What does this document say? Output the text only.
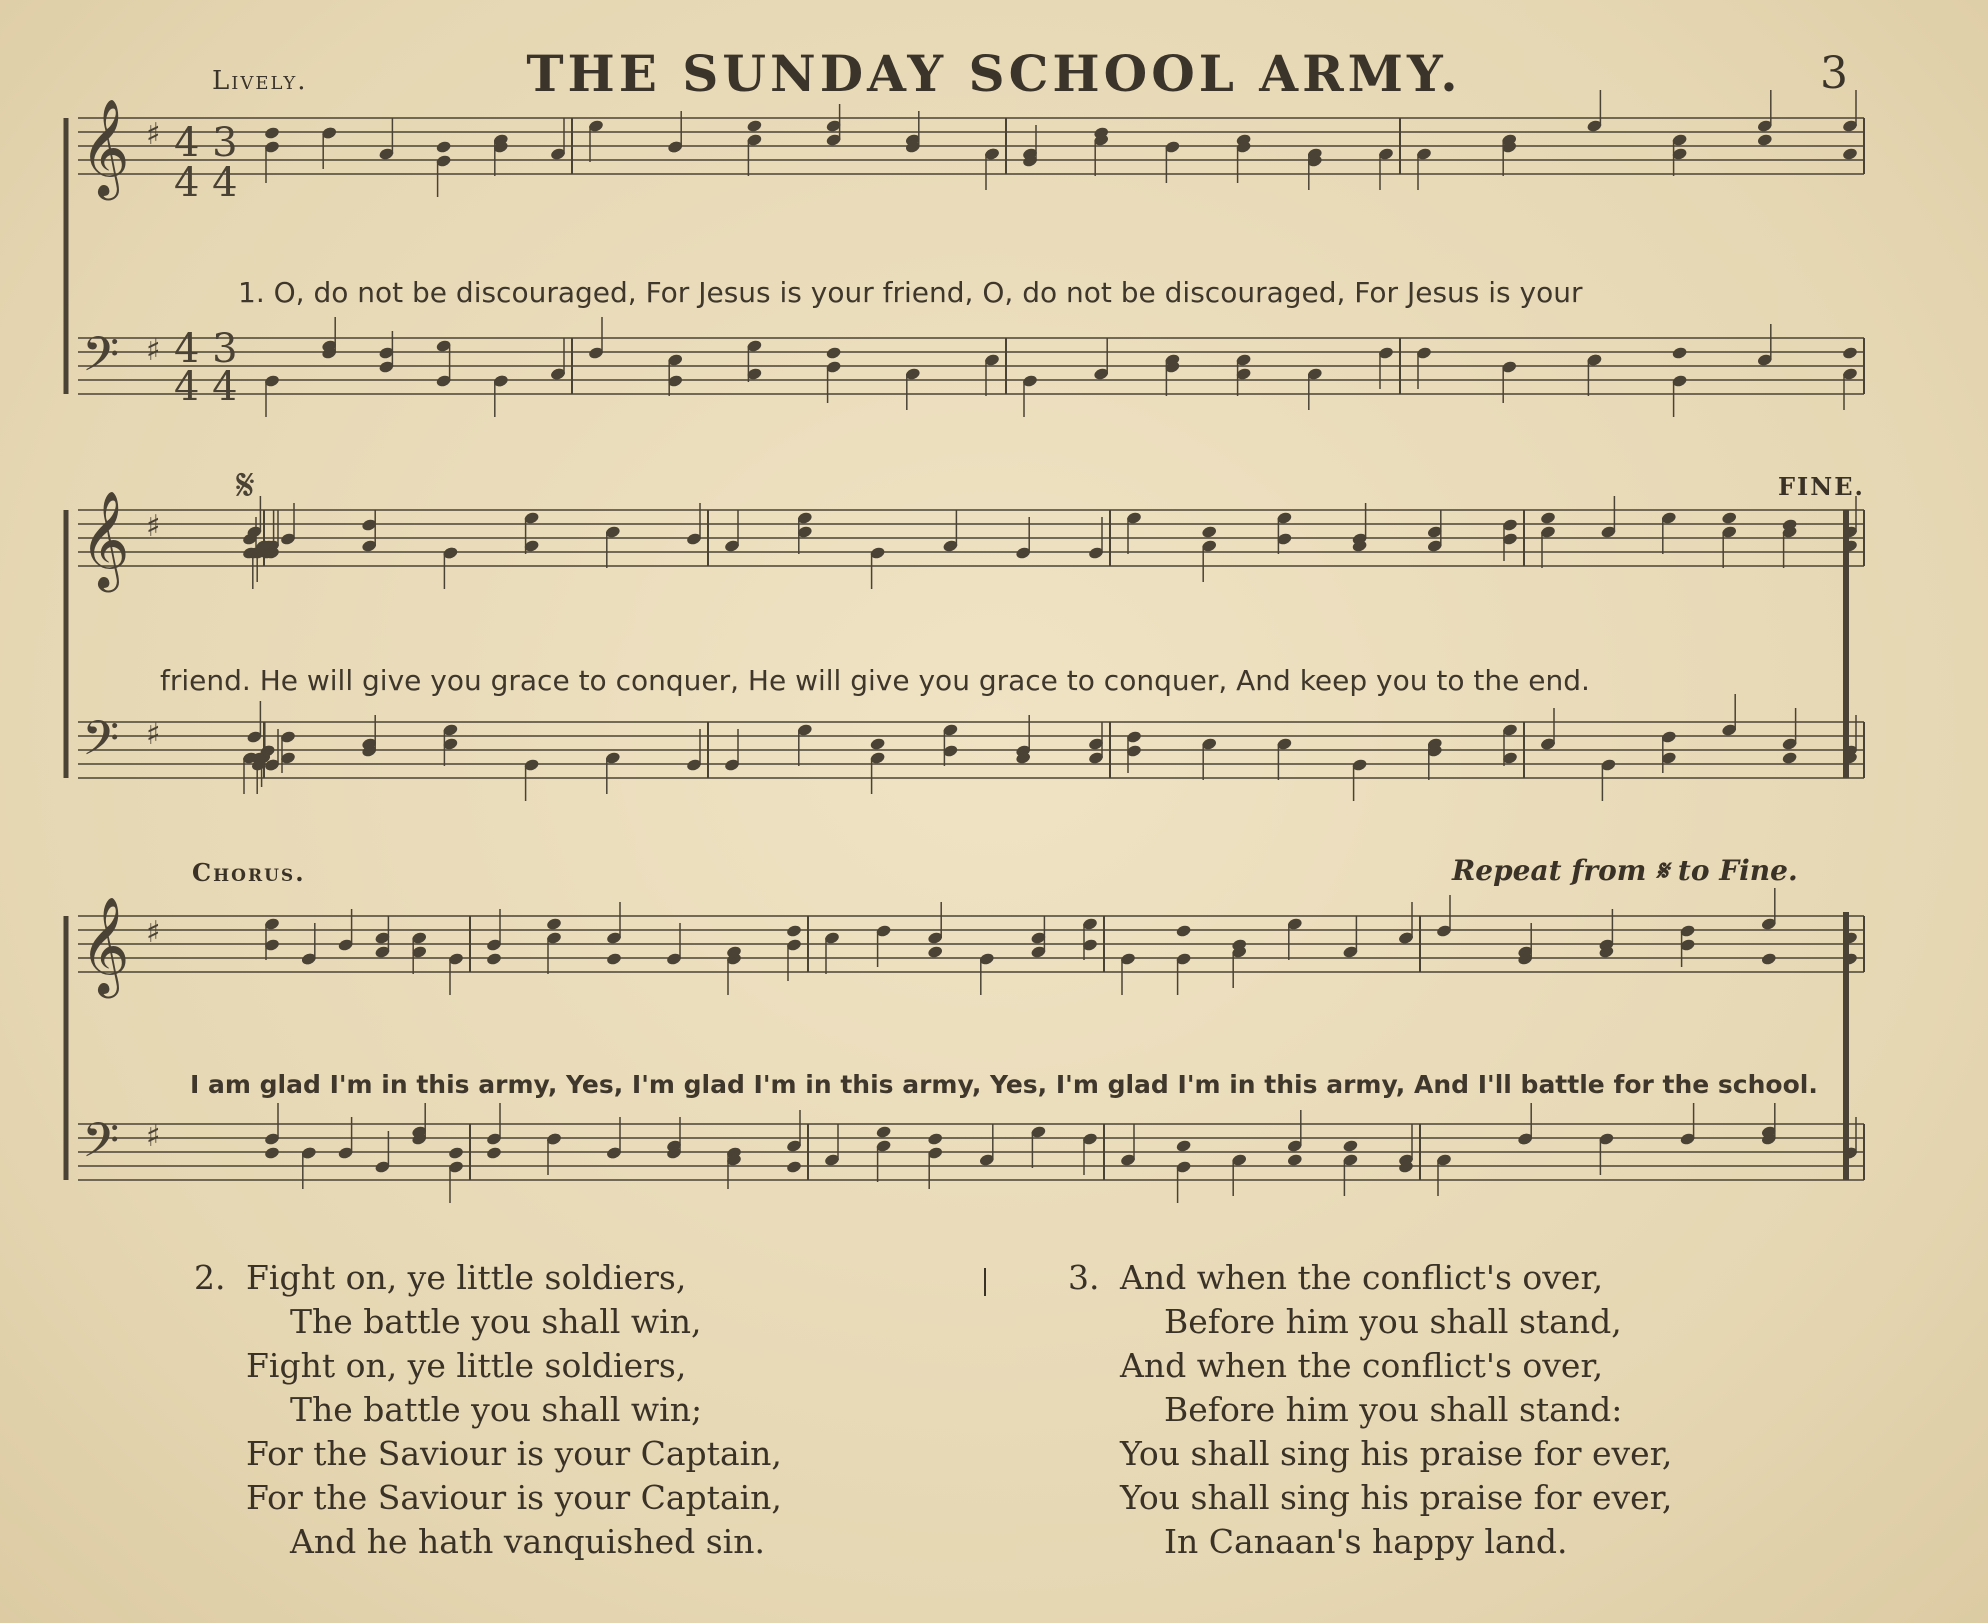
Lively.	THE SUNDAY SCHOOL ARMY.	3
𝄞
𝄢
♯
♯
4 3
4 4
4 3
4 4
𝄞
𝄢
♯
♯
𝄞
𝄢
♯
♯
𝄋
1. O, do not be discouraged, For Jesus is your friend, O, do not be discouraged, For Jesus is your
FINE.
friend. He will give you grace to conquer, He will give you grace to conquer, And keep you to the end.
Chorus.	Repeat from 𝄋 to Fine.
I am glad I'm in this army, Yes, I'm glad I'm in this army, Yes, I'm glad I'm in this army, And I'll battle for the school.
2. Fight on, ye little soldiers,
The battle you shall win,
Fight on, ye little soldiers,
The battle you shall win;
For the Saviour is your Captain,
For the Saviour is your Captain,
And he hath vanquished sin.
3. And when the conflict's over,
Before him you shall stand,
And when the conflict's over,
Before him you shall stand:
You shall sing his praise for ever,
You shall sing his praise for ever,
In Canaan's happy land.
